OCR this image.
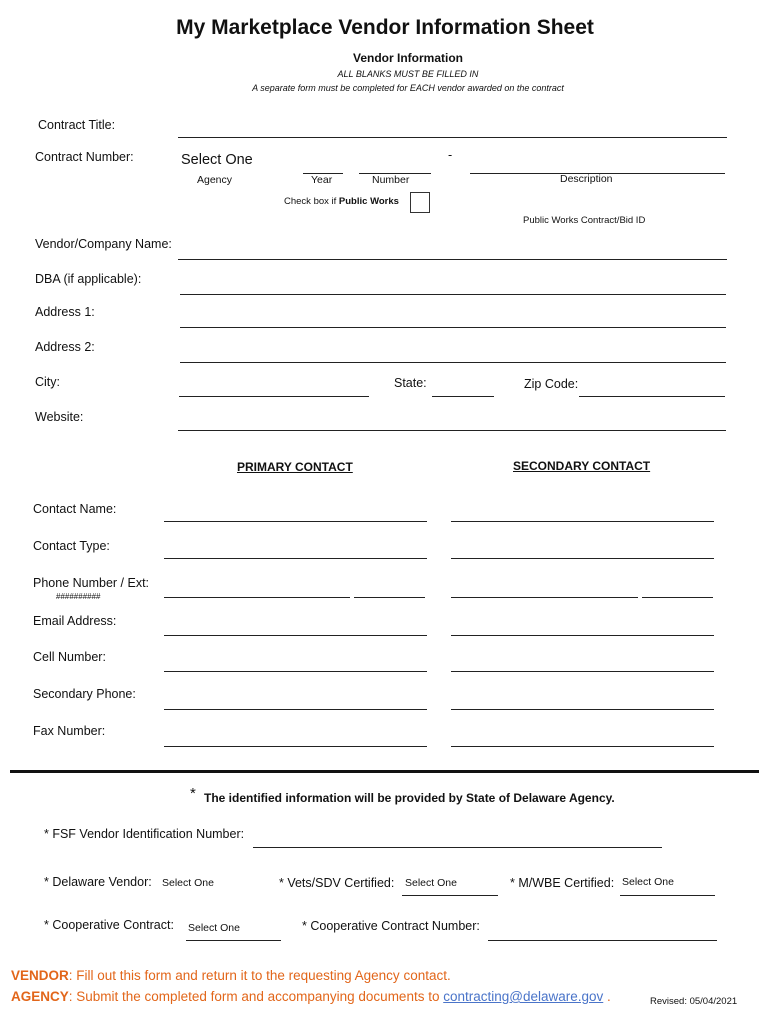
My Marketplace Vendor Information Sheet
Vendor Information
ALL BLANKS MUST BE FILLED IN
A separate form must be completed for EACH vendor awarded on the contract
Contract Title:
Contract Number:	Select One	-
Agency	Year	Number	Description
Check box if Public Works
Public Works Contract/Bid ID
Vendor/Company Name:
DBA (if applicable):
Address 1:
Address 2:
City:	State:	Zip Code:
Website:
PRIMARY CONTACT	SECONDARY CONTACT
Contact Name:
Contact Type:
Phone Number / Ext:
##########
Email Address:
Cell Number:
Secondary Phone:
Fax Number:
* The identified information will be provided by State of Delaware Agency.
* FSF Vendor Identification Number:
* Delaware Vendor: Select One	* Vets/SDV Certified: Select One	* M/WBE Certified: Select One
* Cooperative Contract: Select One	* Cooperative Contract Number:
VENDOR: Fill out this form and return it to the requesting Agency contact.
AGENCY: Submit the completed form and accompanying documents to contracting@delaware.gov .	Revised: 05/04/2021
